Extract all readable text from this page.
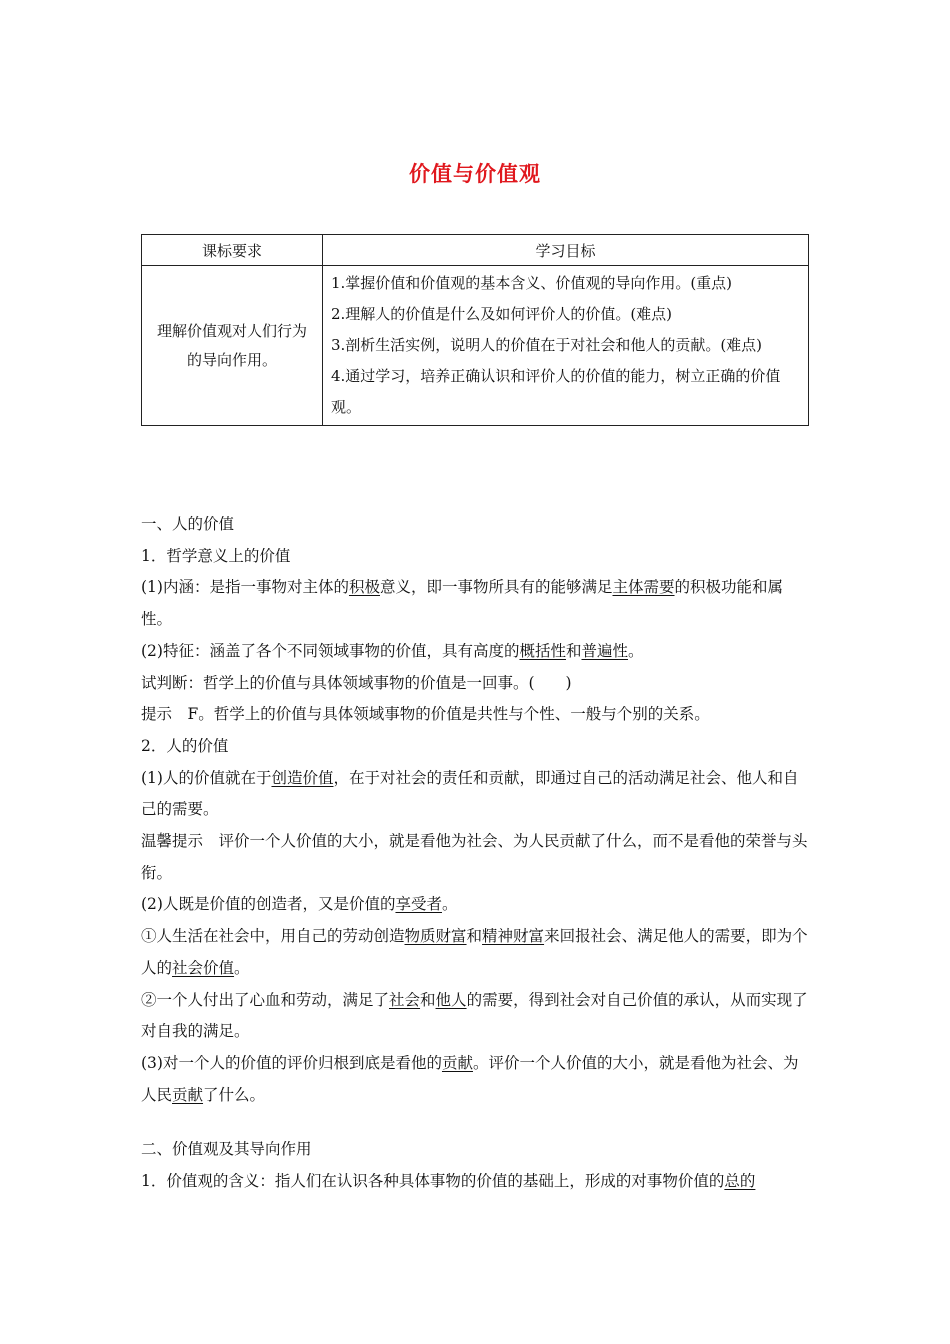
价值与价值观
课标要求	学习目标
理解价值观对人们行为的导向作用。	1.掌握价值和价值观的基本含义、价值观的导向作用。(重点)
2.理解人的价值是什么及如何评价人的价值。(难点)
3.剖析生活实例，说明人的价值在于对社会和他人的贡献。(难点)
4.通过学习，培养正确认识和评价人的价值的能力，树立正确的价值观。

一、人的价值

1．哲学意义上的价值

(1)内涵：是指一事物对主体的积极意义，即一事物所具有的能够满足主体需要的积极功能和属性。

(2)特征：涵盖了各个不同领域事物的价值，具有高度的概括性和普遍性。

试判断：哲学上的价值与具体领域事物的价值是一回事。(　　)

提示　F。哲学上的价值与具体领域事物的价值是共性与个性、一般与个别的关系。

2．人的价值

(1)人的价值就在于创造价值，在于对社会的责任和贡献，即通过自己的活动满足社会、他人和自己的需要。

温馨提示　评价一个人价值的大小，就是看他为社会、为人民贡献了什么，而不是看他的荣誉与头衔。

(2)人既是价值的创造者，又是价值的享受者。

①人生活在社会中，用自己的劳动创造物质财富和精神财富来回报社会、满足他人的需要，即为个人的社会价值。

②一个人付出了心血和劳动，满足了社会和他人的需要，得到社会对自己价值的承认，从而实现了对自我的满足。

(3)对一个人的价值的评价归根到底是看他的贡献。评价一个人价值的大小，就是看他为社会、为人民贡献了什么。

二、价值观及其导向作用

1．价值观的含义：指人们在认识各种具体事物的价值的基础上，形成的对事物价值的总的
